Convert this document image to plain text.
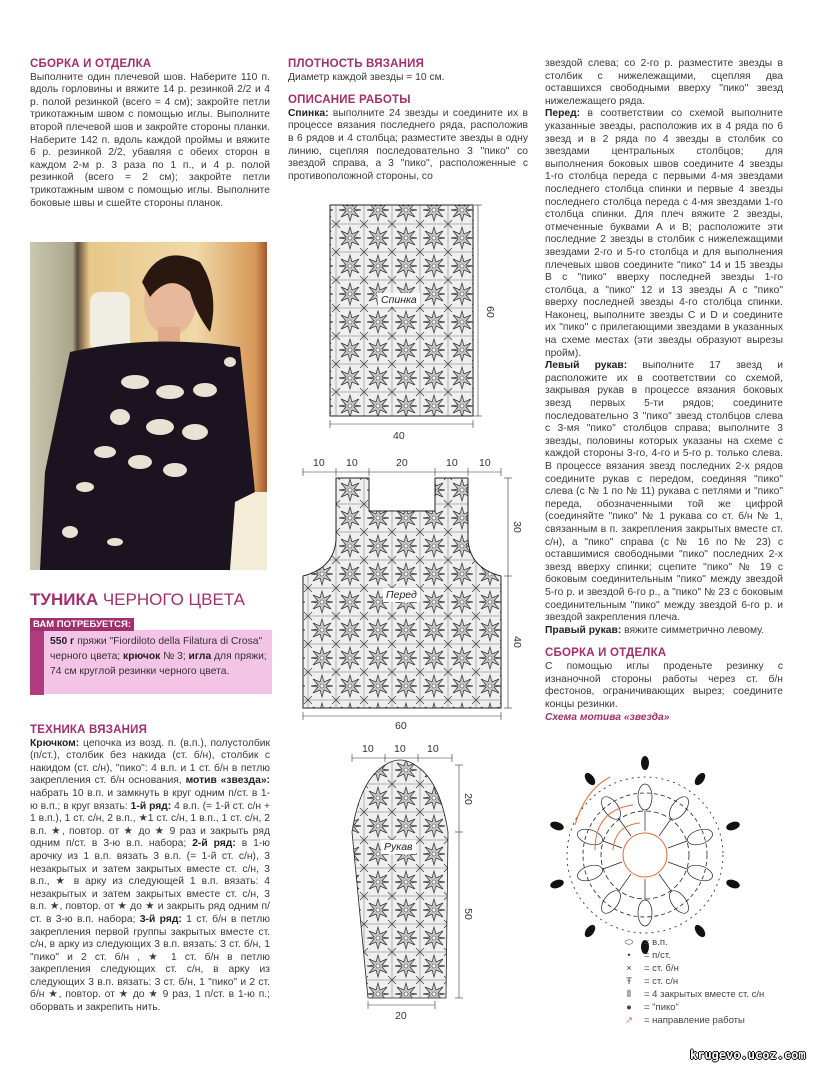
СБОРКА И ОТДЕЛКА

Выполните один плечевой шов. Наберите 110 п. вдоль горловины и вяжите 14 р. резинкой 2/2 и 4 р. полой резинкой (всего = 4 см); закройте петли трикотажным швом с помощью иглы. Выполните второй плечевой шов и закройте стороны планки. Наберите 142 п. вдоль каждой проймы и вяжите 6 р. резинкой 2/2, убавляя с обеих сторон в каждом 2-м р. 3 раза по 1 п., и 4 р. полой резинкой (всего = 2 см); закройте петли трикотажным швом с помощью иглы. Выполните боковые швы и сшейте стороны планок.

ТУНИКА ЧЕРНОГО ЦВЕТА
ВАМ ПОТРЕБУЕТСЯ:
550 г пряжи "Fiordiloto della Filatura di Crosa" черного цвета; крючок № 3; игла для пряжи; 74 см круглой резинки черного цвета.
ТЕХНИКА ВЯЗАНИЯ

Крючком: цепочка из возд. п. (в.п.), полустолбик (п/ст.), столбик без накида (ст. б/н), столбик с накидом (ст. с/н), "пико": 4 в.п. и 1 ст. б/н в петлю закрепления ст. б/н основания, мотив «звезда»: набрать 10 в.п. и замкнуть в круг одним п/ст. в 1-ю в.п.; в круг вязать: 1-й ряд: 4 в.п. (= 1-й ст. с/н + 1 в.п.), 1 ст. с/н, 2 в.п., ★1 ст. с/н, 1 в.п., 1 ст. с/н, 2 в.п. ★, повтор. от ★ до ★ 9 раз и закрыть ряд одним п/ст. в 3-ю в.п. набора; 2-й ряд: в 1-ю арочку из 1 в.п. вязать 3 в.п. (= 1-й ст. с/н), 3 незакрытых и затем закрытых вместе ст. с/н, 3 в.п., ★ в арку из следующей 1 в.п. вязать: 4 незакрытых и затем закрытых вместе ст. с/н, 3 в.п. ★, повтор. от ★ до ★ и закрыть ряд одним п/ст. в 3-ю в.п. набора; 3-й ряд: 1 ст. б/н в петлю закрепления первой группы закрытых вместе ст. с/н, в арку из следующих 3 в.п. вязать: 3 ст. б/н, 1 "пико" и 2 ст. б/н , ★ 1 ст. б/н в петлю закрепления следующих ст. с/н, в арку из следующих 3 в.п. вязать: 3 ст. б/н, 1 "пико" и 2 ст. б/н ★, повтор. от ★ до ★ 9 раз, 1 п/ст. в 1-ю п.; оборвать и закрепить нить.

ПЛОТНОСТЬ ВЯЗАНИЯ

Диаметр каждой звезды = 10 см.

ОПИСАНИЕ РАБОТЫ

Спинка: выполните 24 звезды и соедините их в процессе вязания последнего ряда, расположив в 6 рядов и 4 столбца; разместите звезды в одну линию, сцепляя последовательно 3 "пико" со звездой справа, а 3 "пико", расположенные с противоположной стороны, со

Спинка
40
60
10 10	20	10 10
Перед
30
40
60
10 10 10
Рукав
20
50
20

звездой слева; со 2-го р. разместите звезды в столбик с нижележащими, сцепляя два оставшихся свободными вверху "пико" звезд нижележащего ряда.

Перед: в соответствии со схемой выполните указанные звезды, расположив их в 4 ряда по 6 звезд и в 2 ряда по 4 звезды в столбик со звездами центральных столбцов; для выполнения боковых швов соедините 4 звезды 1-го столбца переда с первыми 4-мя звездами последнего столбца спинки и первые 4 звезды последнего столбца переда с 4-мя звездами 1-го столбца спинки. Для плеч вяжите 2 звезды, отмеченные буквами А и В; расположите эти последние 2 звезды в столбик с нижележащими звездами 2-го и 5-го столбца и для выполнения плечевых швов соедините "пико" 14 и 15 звезды В с "пико" вверху последней звезды 1-го столбца, а "пико" 12 и 13 звезды А с "пико" вверху последней звезды 4-го столбца спинки. Наконец, выполните звезды С и D и соедините их "пико" с прилегающими звездами в указанных на схеме местах (эти звезды образуют вырезы пройм).

Левый рукав: выполните 17 звезд и расположите их в соответствии со схемой, закрывая рукав в процессе вязания боковых звезд первых 5-ти рядов; соедините последовательно 3 "пико" звезд столбцов слева с 3-мя "пико" столбцов справа; выполните 3 звезды, половины которых указаны на схеме с каждой стороны 3-го, 4-го и 5-го р. только слева. В процессе вязания звезд последних 2-х рядов соедините рукав с передом, соединяя "пико" слева (с № 1 по № 11) рукава с петлями и "пико" переда, обозначенными той же цифрой (соединяйте "пико" № 1 рукава со ст. б/н № 1, связанным в п. закрепления закрытых вместе ст. с/н), а "пико" справа (с № 16 по № 23) с оставшимися свободными "пико" последних 2-х звезд вверху спинки; сцепите "пико" № 19 с боковым соединительным "пико" между звездой 5-го р. и звездой 6-го р., а "пико" № 23 с боковым соединительным "пико" между звездой 6-го р. и звездой закрепления плеча.

Правый рукав: вяжите симметрично левому.

СБОРКА И ОТДЕЛКА

С помощью иглы проденьте резинку с изнаночной стороны работы через ст. б/н фестонов, ограничивающих вырез; соедините концы резинки.

Схема мотива «звезда»
⬭	= в.п.
•	= п/ст.
×	= ст. б/н
Ŧ	= ст. с/н
⦀	= 4 закрытых вместе ст. с/н
●	= "пико"
↗	= направление работы
krugevo.ucoz.com
